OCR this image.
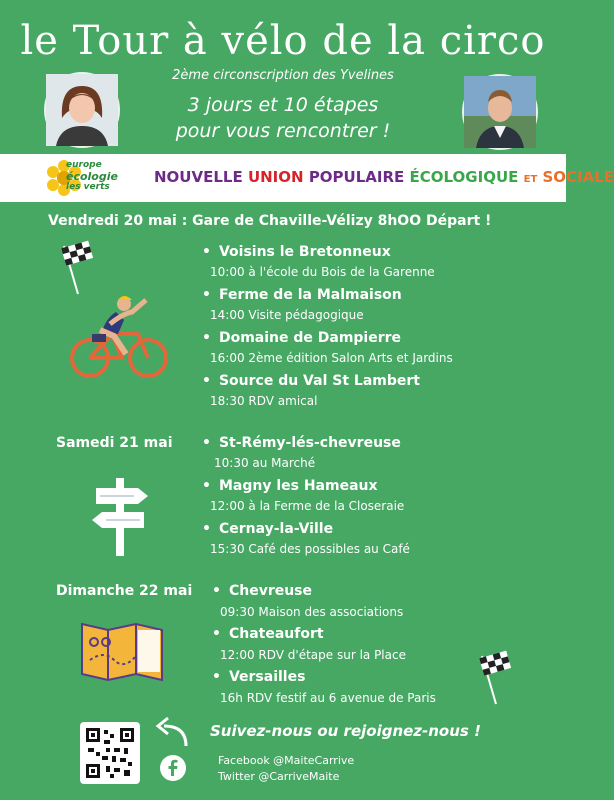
le Tour à vélo de la circo
2ème circonscription des Yvelines
3 jours et 10 étapes
pour vous rencontrer !
europe
écologie
les verts
NOUVELLE UNION POPULAIRE ÉCOLOGIQUE ET SOCIALE
Vendredi 20 mai : Gare de Chaville-Vélizy 8hOO Départ !
• Voisins le Bretonneux
10:00 à l'école du Bois de la Garenne
• Ferme de la Malmaison
14:00 Visite pédagogique
• Domaine de Dampierre
16:00 2ème édition Salon Arts et Jardins
• Source du Val St Lambert
18:30 RDV amical
Samedi 21 mai • St-Rémy-lés-chevreuse
10:30 au Marché
• Magny les Hameaux
12:00 à la Ferme de la Closeraie
• Cernay-la-Ville
15:30 Café des possibles au Café
Dimanche 22 mai • Chevreuse
09:30 Maison des associations
• Chateaufort
12:00 RDV d'étape sur la Place
• Versailles
16h RDV festif au 6 avenue de Paris
Suivez-nous ou rejoignez-nous !
Facebook @MaiteCarrive
Twitter @CarriveMaite
